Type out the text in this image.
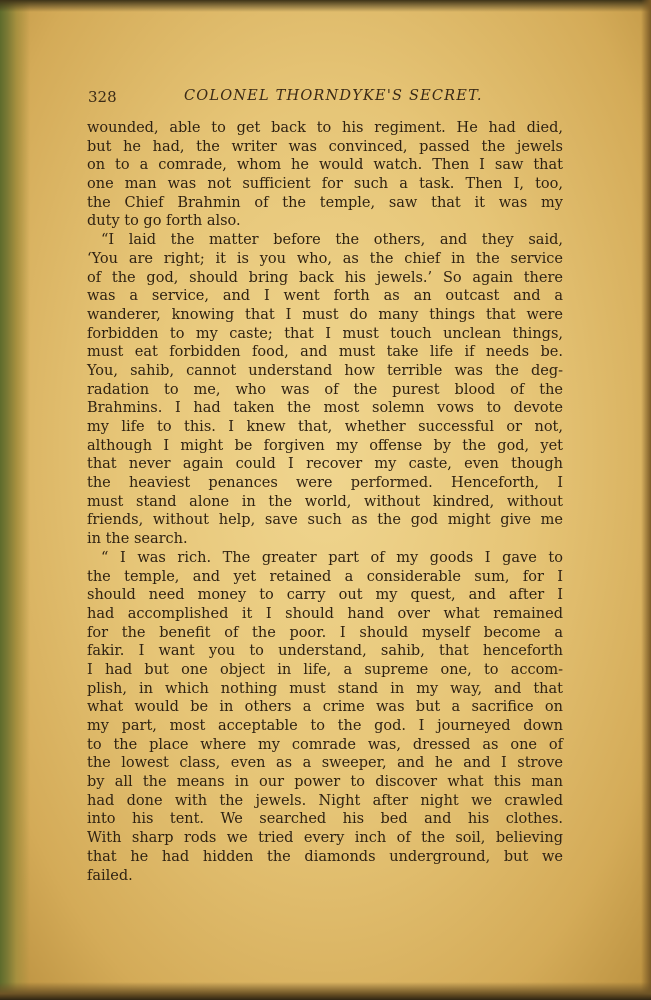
328	COLONEL THORNDYKE'S SECRET.
wounded, able to get back to his regiment. He had died,
but he had, the writer was convinced, passed the jewels
on to a comrade, whom he would watch. Then I saw that
one man was not sufficient for such a task. Then I, too,
the Chief Brahmin of the temple, saw that it was my
duty to go forth also.
“I laid the matter before the others, and they said,
‘You are right; it is you who, as the chief in the service
of the god, should bring back his jewels.’ So again there
was a service, and I went forth as an outcast and a
wanderer, knowing that I must do many things that were
forbidden to my caste; that I must touch unclean things,
must eat forbidden food, and must take life if needs be.
You, sahib, cannot understand how terrible was the deg-
radation to me, who was of the purest blood of the
Brahmins. I had taken the most solemn vows to devote
my life to this. I knew that, whether successful or not,
although I might be forgiven my offense by the god, yet
that never again could I recover my caste, even though
the heaviest penances were performed. Henceforth, I
must stand alone in the world, without kindred, without
friends, without help, save such as the god might give me
in the search.
“ I was rich. The greater part of my goods I gave to
the temple, and yet retained a considerable sum, for I
should need money to carry out my quest, and after I
had accomplished it I should hand over what remained
for the benefit of the poor. I should myself become a
fakir. I want you to understand, sahib, that henceforth
I had but one object in life, a supreme one, to accom-
plish, in which nothing must stand in my way, and that
what would be in others a crime was but a sacrifice on
my part, most acceptable to the god. I journeyed down
to the place where my comrade was, dressed as one of
the lowest class, even as a sweeper, and he and I strove
by all the means in our power to discover what this man
had done with the jewels. Night after night we crawled
into his tent. We searched his bed and his clothes.
With sharp rods we tried every inch of the soil, believing
that he had hidden the diamonds underground, but we
failed.
